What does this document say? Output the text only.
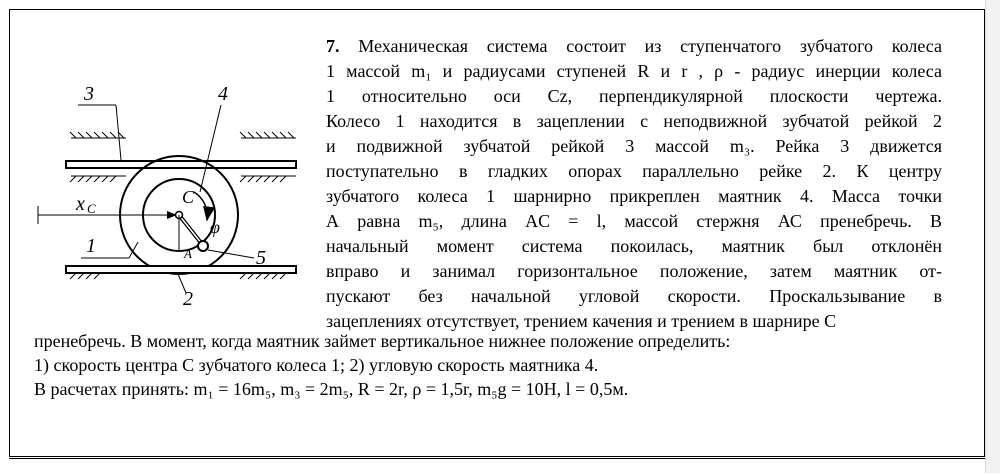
3	4
x C
C
φ
1	A	5
2
7. Механическая система состоит из ступенчатого зубчатого колеса
1 массой m₁ и радиусами ступеней R и r , ρ - радиус инерции колеса
1 относительно оси Cz, перпендикулярной плоскости чертежа.
Колесо 1 находится в зацеплении с неподвижной зубчатой рейкой 2
и подвижной зубчатой рейкой 3 массой m₃. Рейка 3 движется
поступательно в гладких опорах параллельно рейке 2. К центру
зубчатого колеса 1 шарнирно прикреплен маятник 4. Масса точки
А равна m₅, длина AC = l, массой стержня АС пренебречь. В
начальный момент система покоилась, маятник был отклонён
вправо и занимал горизонтальное положение, затем маятник от-
пускают без начальной угловой скорости. Проскальзывание в
зацеплениях отсутствует, трением качения и трением в шарнире С
пренебречь. В момент, когда маятник займет вертикальное нижнее положение определить:
1) скорость центра С зубчатого колеса 1; 2) угловую скорость маятника 4.
В расчетах принять: m₁ = 16m₅, m₃ = 2m₅, R = 2r, ρ = 1,5r, m₅g = 10Н, l = 0,5м.
